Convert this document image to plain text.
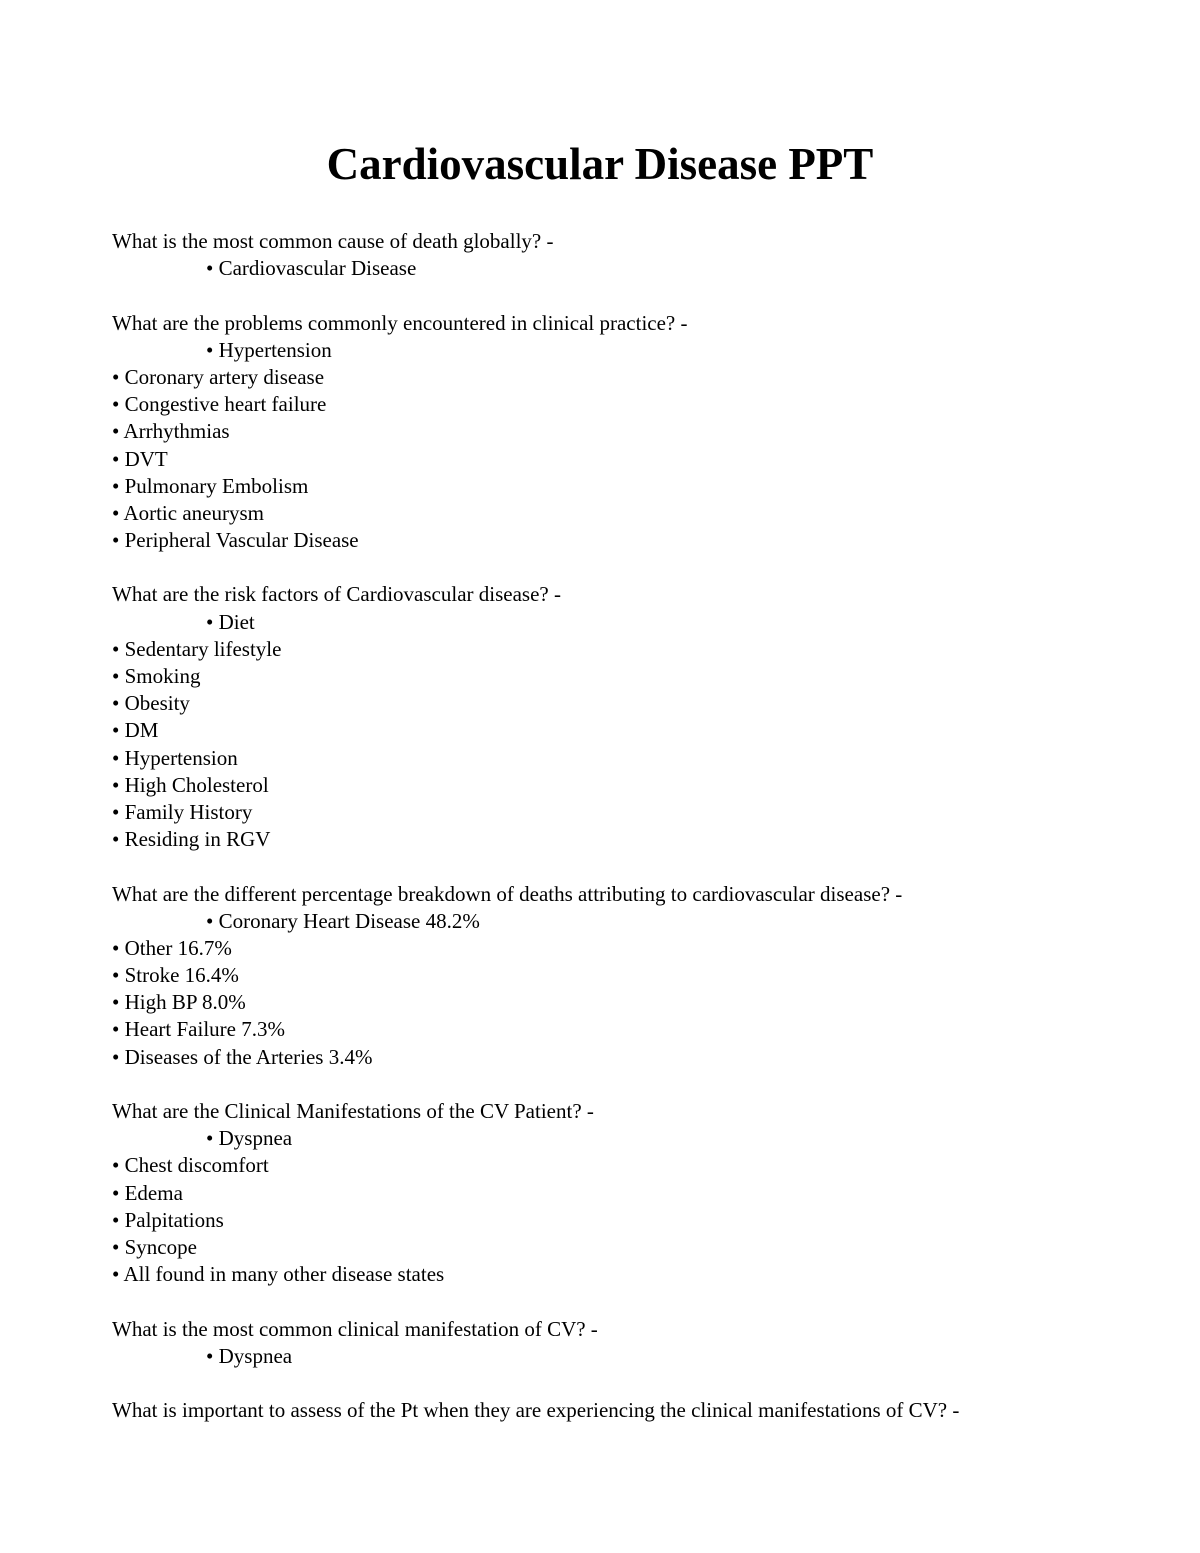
Cardiovascular Disease PPT
What is the most common cause of death globally? -
• Cardiovascular Disease
What are the problems commonly encountered in clinical practice? -
• Hypertension
• Coronary artery disease
• Congestive heart failure
• Arrhythmias
• DVT
• Pulmonary Embolism
• Aortic aneurysm
• Peripheral Vascular Disease
What are the risk factors of Cardiovascular disease? -
• Diet
• Sedentary lifestyle
• Smoking
• Obesity
• DM
• Hypertension
• High Cholesterol
• Family History
• Residing in RGV
What are the different percentage breakdown of deaths attributing to cardiovascular disease? -
• Coronary Heart Disease 48.2%
• Other 16.7%
• Stroke 16.4%
• High BP 8.0%
• Heart Failure 7.3%
• Diseases of the Arteries 3.4%
What are the Clinical Manifestations of the CV Patient? -
• Dyspnea
• Chest discomfort
• Edema
• Palpitations
• Syncope
• All found in many other disease states
What is the most common clinical manifestation of CV? -
• Dyspnea
What is important to assess of the Pt when they are experiencing the clinical manifestations of CV? -
